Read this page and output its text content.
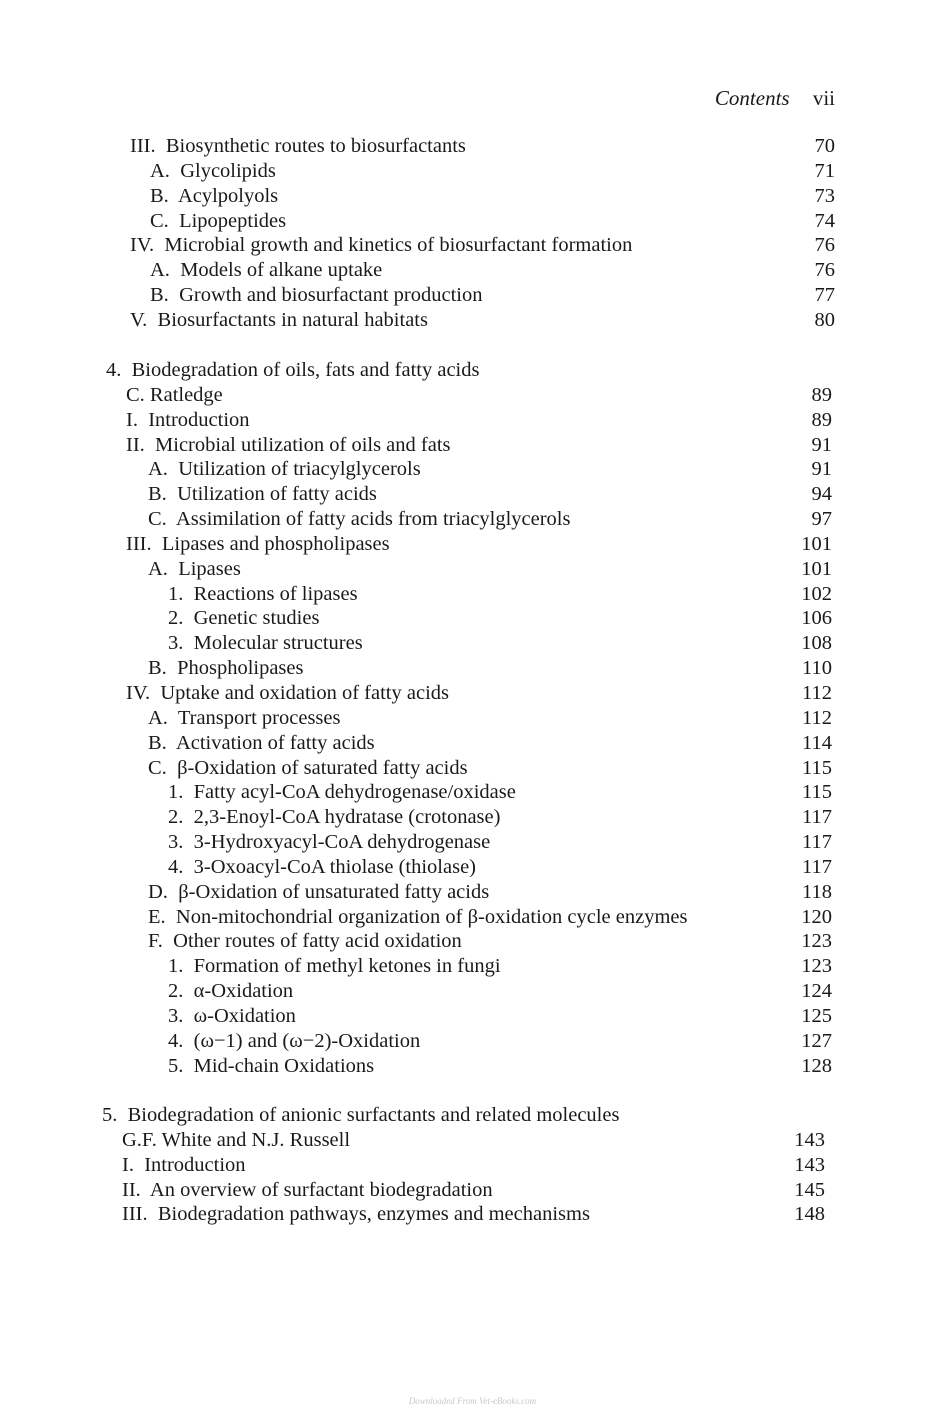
Contents vii
III. Biosynthetic routes to biosurfactants	70
A. Glycolipids	71
B. Acylpolyols	73
C. Lipopeptides	74
IV. Microbial growth and kinetics of biosurfactant formation	76
A. Models of alkane uptake	76
B. Growth and biosurfactant production	77
V. Biosurfactants in natural habitats	80
4. Biodegradation of oils, fats and fatty acids
C. Ratledge	89
I. Introduction	89
II. Microbial utilization of oils and fats	91
A. Utilization of triacylglycerols	91
B. Utilization of fatty acids	94
C. Assimilation of fatty acids from triacylglycerols	97
III. Lipases and phospholipases	101
A. Lipases	101
1. Reactions of lipases	102
2. Genetic studies	106
3. Molecular structures	108
B. Phospholipases	110
IV. Uptake and oxidation of fatty acids	112
A. Transport processes	112
B. Activation of fatty acids	114
C. β-Oxidation of saturated fatty acids	115
1. Fatty acyl-CoA dehydrogenase/oxidase	115
2. 2,3-Enoyl-CoA hydratase (crotonase)	117
3. 3-Hydroxyacyl-CoA dehydrogenase	117
4. 3-Oxoacyl-CoA thiolase (thiolase)	117
D. β-Oxidation of unsaturated fatty acids	118
E. Non-mitochondrial organization of β-oxidation cycle enzymes	120
F. Other routes of fatty acid oxidation	123
1. Formation of methyl ketones in fungi	123
2. α-Oxidation	124
3. ω-Oxidation	125
4. (ω−1) and (ω−2)-Oxidation	127
5. Mid-chain Oxidations	128
5. Biodegradation of anionic surfactants and related molecules
G.F. White and N.J. Russell	143
I. Introduction	143
II. An overview of surfactant biodegradation	145
III. Biodegradation pathways, enzymes and mechanisms	148
Downloaded From Vet-eBooks.com
